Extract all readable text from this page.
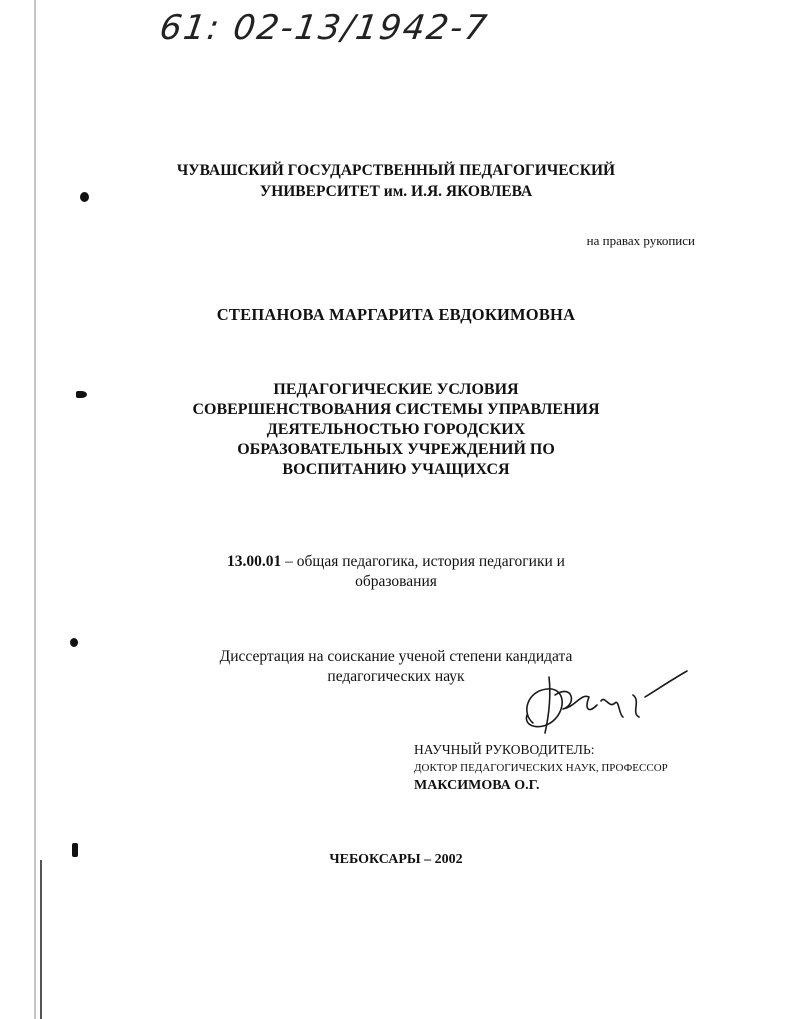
61: 02-13/1942-7
ЧУВАШСКИЙ ГОСУДАРСТВЕННЫЙ ПЕДАГОГИЧЕСКИЙ
УНИВЕРСИТЕТ им. И.Я. ЯКОВЛЕВА
на правах рукописи
СТЕПАНОВА МАРГАРИТА ЕВДОКИМОВНА
ПЕДАГОГИЧЕСКИЕ УСЛОВИЯ
СОВЕРШЕНСТВОВАНИЯ СИСТЕМЫ УПРАВЛЕНИЯ
ДЕЯТЕЛЬНОСТЬЮ ГОРОДСКИХ
ОБРАЗОВАТЕЛЬНЫХ УЧРЕЖДЕНИЙ ПО
ВОСПИТАНИЮ УЧАЩИХСЯ
13.00.01 – общая педагогика, история педагогики и
образования
Диссертация на соискание ученой степени кандидата
педагогических наук
НАУЧНЫЙ РУКОВОДИТЕЛЬ:
ДОКТОР ПЕДАГОГИЧЕСКИХ НАУК, ПРОФЕССОР
МАКСИМОВА О.Г.
ЧЕБОКСАРЫ – 2002
